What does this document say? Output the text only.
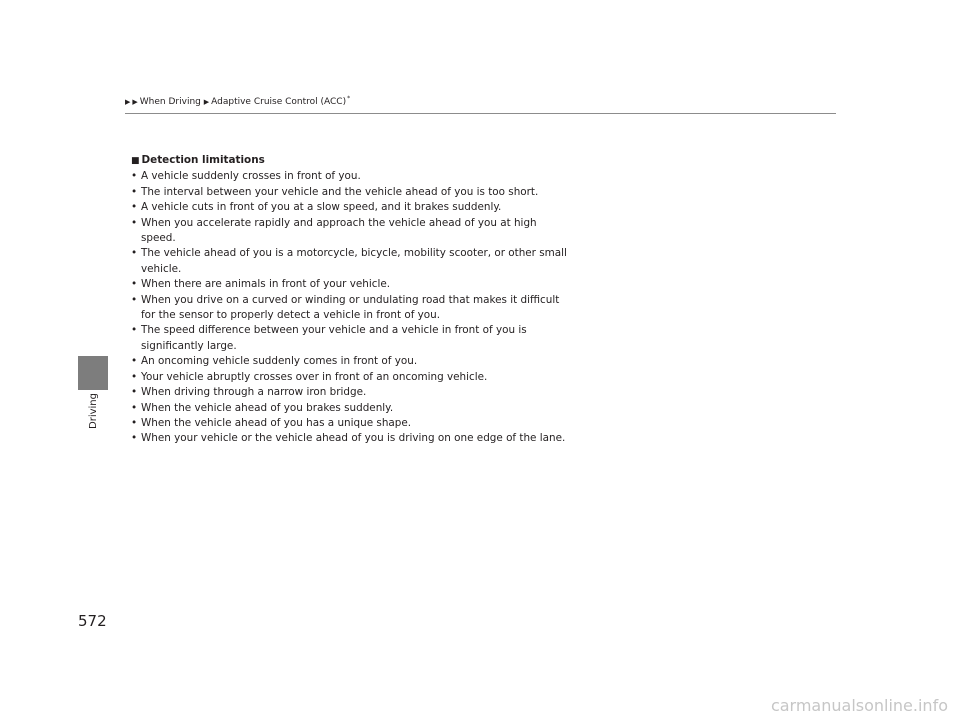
▶ ▶ When Driving ▶ Adaptive Cruise Control (ACC)*
Driving

■ Detection limitations

• A vehicle suddenly crosses in front of you.
• The interval between your vehicle and the vehicle ahead of you is too short.
• A vehicle cuts in front of you at a slow speed, and it brakes suddenly.
• When you accelerate rapidly and approach the vehicle ahead of you at high
speed.
• The vehicle ahead of you is a motorcycle, bicycle, mobility scooter, or other small
vehicle.
• When there are animals in front of your vehicle.
• When you drive on a curved or winding or undulating road that makes it difficult
for the sensor to properly detect a vehicle in front of you.
• The speed difference between your vehicle and a vehicle in front of you is
significantly large.
• An oncoming vehicle suddenly comes in front of you.
• Your vehicle abruptly crosses over in front of an oncoming vehicle.
• When driving through a narrow iron bridge.
• When the vehicle ahead of you brakes suddenly.
• When the vehicle ahead of you has a unique shape.
• When your vehicle or the vehicle ahead of you is driving on one edge of the lane.
572
carmanualsonline.info
